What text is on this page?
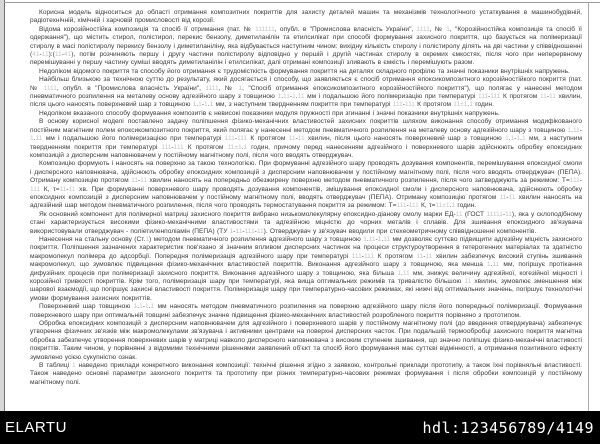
Корисна модель відноситься до області отримання композитних покриттів для захисту деталей машин та механізмів технологічного устаткування в машинобудівній, радіотехнічній, хімічній і харчовій промисловості від корозії.

Відома корозійностійка композиція та спосіб її отримання (пат. № 111111, опубл. в "Промислова власність України", 1111, № 1, "Корозійностійка композиція та спосіб її одержання"), що містить стирол, полістирол, перекис бензолу, диметиланілін та етилсилікат при способі формування захисного покриття, що базується на полімеризації стиролу в масі полістиролу перекису бензолу і диметиланіліну, яка відбувається наступним чином: вихідну кількість стиролу і полістиролу ділять на дві частини у співвідношенні (41-11):(11-41), потім розчиняють першу і другу частини полістиролу відповідно у першій і другій частинах стиролу в окремих ємкостях, після чого при неперервному перемішуванні у першу частину суміші вводять диметиланілін і етилсилікат, далі отримані композиції зливають в ємкість і перемішують разом.

Недоліком відомого покриття та способу його отримання є трудомісткість формування покриття на деталях складного профілю та значні показники внутрішніх напружень.

Найбільш близькою за технічною суттю до результату, який досягається і способу, що заявляється є спосіб отримання епоксикомпозитного корозійностійкого покриття (пат. № 1111, опубл. в "Промислова власність України", 1111, № 1, "Спосіб отримання епоксикомпозитного корозійностійкого покриття"), що полягає у нанесені методом пневматичного розпилення на металеву основу адгезійного шару з товщиною 1.11-1.11 мм і подальшою його полімеризацію при температурі 111-111 К протягом 11-11 хвилин, після цього наносять поверхневий шар з товщиною 1.1-1.1 мм, з наступним твердненням покриття при температурі 111-111 К протягом 11±1.1 годин.

Недоліком вказаного способу формування композитів є невисокі показники модуля пружності при згинанні і значні показники внутрішніх напружень.

В основу корисної моделі поставлено задачу поліпшення фізико-механічних властивостей захисних покриттів шляхом виконання способу отримання модифікованого постійним магнітним полем епоксикомпозитного покриття, який полягає у нанесенні методом пневматичного розпилення на металеву основу адгезійного шару з товщиною 1.11-1.11 мм і подальшою його полімеризацією при температурі 111-111 К протягом 11-11 хвилин, після цього наносять поверхневий шар з товщиною 1.1-1.1 мм, з наступним твердненням покриття при температурі 111-111 К протягом 11±1.1 годин, причому перед нанесенням адгезійного і поверхневого шарів здійснюють обробку епоксидних композицій з дисперсним наповнювачем у постійному магнітному полі, після чого вводять отверджувач.

Композицію формують і наносять на поверхню за такою технологією. При формуванні адгезійного шару проводять дозування компонентів, перемішування епоксидної смоли і дисперсного наповнювача, здійснюють обробку епоксидних композицій з дисперсним наповнювачем у постійному магнітному полі, після чого вводять отверджувач (ПЕПА). Отриману композицію протягом 11-11 хвилин наносять на попередньо обезжирену поверхню методом пневматичного розпилення, після чого затверджують за режимом: Т=111-111 К, τ=11-11 хв. При формуванні поверхневого шару проводять дозування компонентів, змішування епоксидної смоли і дисперсного наповнювача, здійснюють обробку епоксидних композицій з дисперсним наповнювачем у постійному магнітному полі, вводять отверджувач (ПЕПА). Отриману композицію протягом 11-11 хвилин наносять на адгезійний шар методом пневматичного розпилення, після чого проводять термостатування покриття за режимом: Т=111-111 К, τ=11±1.1 годин.

Як основний компонент для полімерної матриці захисного покриття вибрано низькомолекулярну епоксидно-діанову смолу марки ЕД-11 (ГОСТ 11111-11), яка у склоподібному стані характеризується високими фізико-механічними властивостями та адгезійною міцністю до чорних металів і сплавів. Для зшивання епоксидного зв'язувача використовували отверджувач - поліетиленполіамін (ПЕПА) (ТУ 1-11-111-11). Отверджувач у зв'язувач вводили при стехеометричному співвідношенні компонентів.

Нанесення на стальну основу (Ст.1) методом пневматичного розпилення адгезійного шару з товщиною 1.11-1.11 мм дозволяє суттєво підвищити адгезійну міцність захисного покриття. Поліпшення зазначених характеристик пов'язано зі значним впливом дисперсних частинок на процеси структуроутворення в гетерогенних матеріалах та здатністю макромолекул полімера до адсорбції. Попередня полімеризація адгезійного шару при температурі 111-111 К протягом 11-11 хвилин забезпечує високий ступінь зшивання макромолекул, що зумовлює підвищення фізико-механічних властивостей покриттів. Виконання адгезійного шару з товщиною, яка менша 1.11 мм, погіршує протікання дифузійних процесів при полімеризації захисного покриття. Виконання адгезійного шару з товщиною, яка більша 1.11 мм, знижує величину адгезійної, когезійної міцності і корозійної тривкості покриттів. Крім того, полімеризація шару при температурі, яка вища оптимальних режимів та тривалістю більшою 11 хвилин, зумовлює зменшення між шарової взаємодії, що погіршує захисні властивості покриття. Полімеризація шару при температурно-часових режимах, які нижчі від оптимальних значень, погіршує технологічні умови формування захисних покриттів.

Поверхневий шар товщиною 1.1-1.1 мм наносять методом пневматичного розпилення на поверхню адгезійного шару після його попередньої полімеризації. Формування поверхневого шару при оптимальній товщині забезпечує значне підвищення фізико-механічних властивостей розробленого покриття порівняно з прототипом.

Обробка епоксидних композицій з дисперсним наповнювачем для адгезійного і поверхневого шарів у постійному магнітному полі (до введення отверджувача) забезпечує утворення фізичних зв'язків між макромолекулами зв'язувача і активними центрами на поверхні дисперсних часток. При подальшій термообробці захисного покриття магнітна обробка забезпечує утворення поверхневих шарів у матриці навколо дисперсного наповнювача з високим ступенем зшивання, що значно поліпшує фізико-механічні властивості покриттів. Таким чином, у порівнянні з відомими технічними рішеннями заявлений об'єкт та спосіб його формування має суттєві відмінності, а отримання позитивного ефекту зумовлено усією сукупністю ознак.

В таблиці 1 наведено приклади конкретного виконання композиції: технічні рішення згідно з заявкою, контрольні приклади прототипу, а також їхні порівняльні властивості. Також наведено основні параметри захисного покриття та прототипу при різних температурно-часових режимах формування і після обробки композицій у постійному магнітному полі.

ELARTU	hdl:123456789/4149
